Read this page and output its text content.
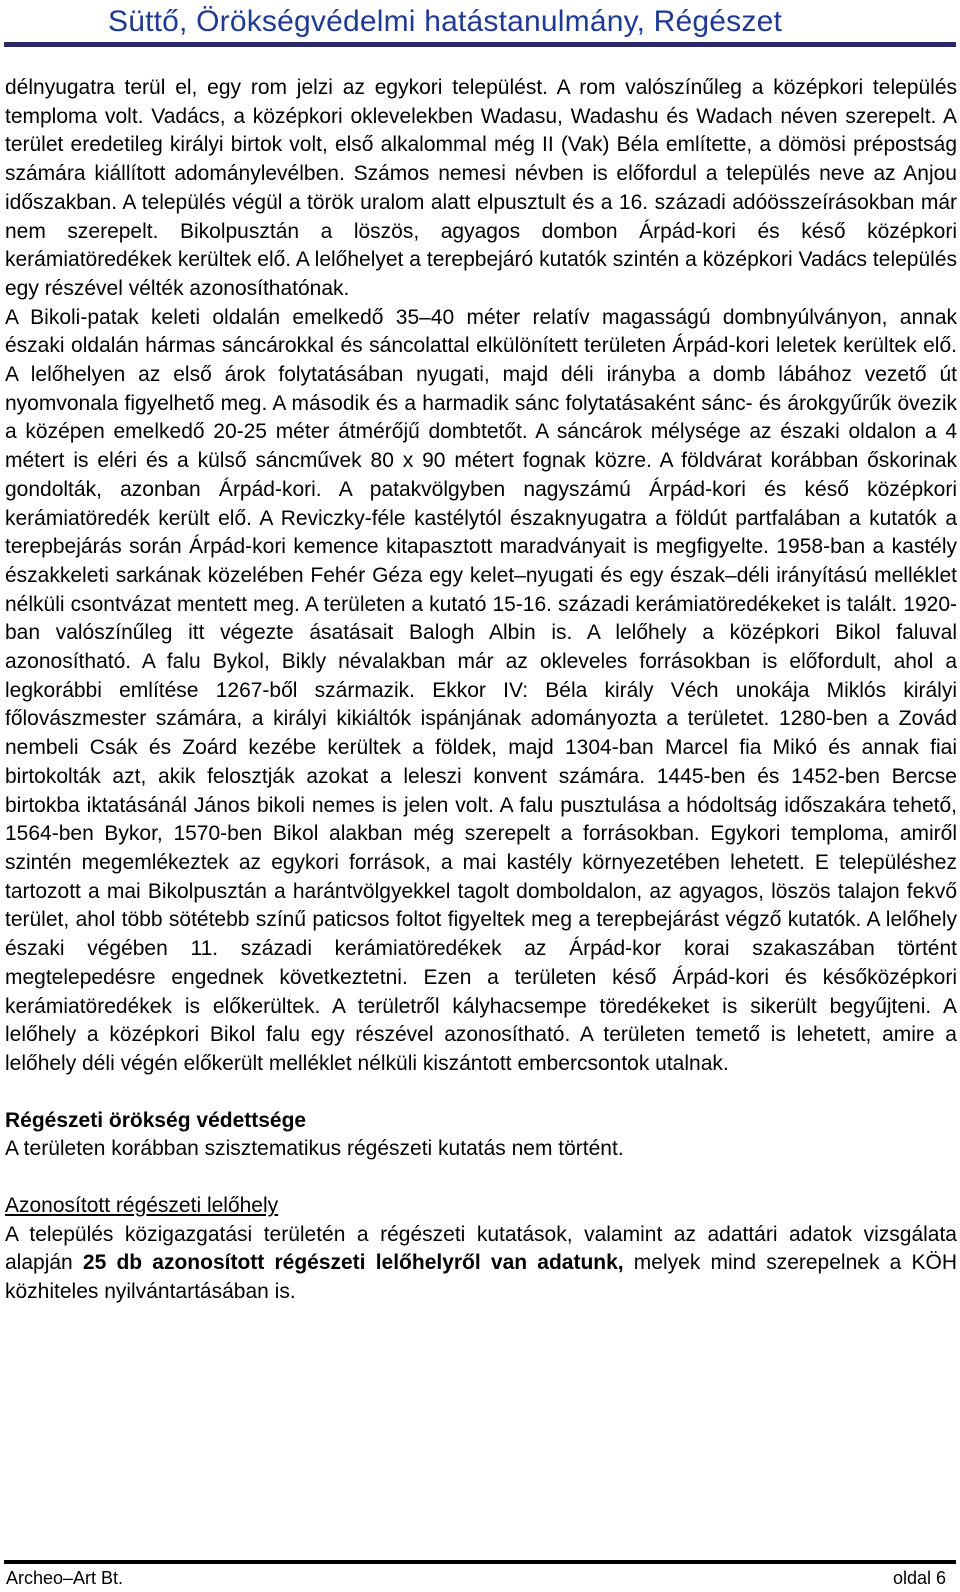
Süttő, Örökségvédelmi hatástanulmány, Régészet

délnyugatra terül el, egy rom jelzi az egykori települést. A rom valószínűleg a középkori település temploma volt. Vadács, a középkori oklevelekben Wadasu, Wadashu és Wadach néven szerepelt. A terület eredetileg királyi birtok volt, első alkalommal még II (Vak) Béla említette, a dömösi prépostság számára kiállított adománylevélben. Számos nemesi névben is előfordul a település neve az Anjou időszakban. A település végül a török uralom alatt elpusztult és a 16. századi adóösszeírásokban már nem szerepelt. Bikolpusztán a löszös, agyagos dombon Árpád-kori és késő középkori kerámiatöredékek kerültek elő. A lelőhelyet a terepbejáró kutatók szintén a középkori Vadács település egy részével vélték azonosíthatónak.

A Bikoli-patak keleti oldalán emelkedő 35–40 méter relatív magasságú dombnyúlványon, annak északi oldalán hármas sáncárokkal és sáncolattal elkülönített területen Árpád-kori leletek kerültek elő. A lelőhelyen az első árok folytatásában nyugati, majd déli irányba a domb lábához vezető út nyomvonala figyelhető meg. A második és a harmadik sánc folytatásaként sánc- és árokgyűrűk övezik a középen emelkedő 20-25 méter átmérőjű dombtetőt. A sáncárok mélysége az északi oldalon a 4 métert is eléri és a külső sáncművek 80 x 90 métert fognak közre. A földvárat korábban őskorinak gondolták, azonban Árpád-kori. A patakvölgyben nagyszámú Árpád-kori és késő középkori kerámiatöredék került elő. A Reviczky-féle kastélytól északnyugatra a földút partfalában a kutatók a terepbejárás során Árpád-kori kemence kitapasztott maradványait is megfigyelte. 1958-ban a kastély északkeleti sarkának közelében Fehér Géza egy kelet–nyugati és egy észak–déli irányítású melléklet nélküli csontvázat mentett meg. A területen a kutató 15-16. századi kerámiatöredékeket is talált. 1920-ban valószínűleg itt végezte ásatásait Balogh Albin is. A lelőhely a középkori Bikol faluval azonosítható. A falu Bykol, Bikly névalakban már az okleveles forrásokban is előfordult, ahol a legkorábbi említése 1267-ből származik. Ekkor IV: Béla király Véch unokája Miklós királyi főlovászmester számára, a királyi kikiáltók ispánjának adományozta a területet. 1280-ben a Zovád nembeli Csák és Zoárd kezébe kerültek a földek, majd 1304-ban Marcel fia Mikó és annak fiai birtokolták azt, akik felosztják azokat a leleszi konvent számára. 1445-ben és 1452-ben Bercse birtokba iktatásánál János bikoli nemes is jelen volt. A falu pusztulása a hódoltság időszakára tehető, 1564-ben Bykor, 1570-ben Bikol alakban még szerepelt a forrásokban. Egykori temploma, amiről szintén megemlékeztek az egykori források, a mai kastély környezetében lehetett. E településhez tartozott a mai Bikolpusztán a harántvölgyekkel tagolt domboldalon, az agyagos, löszös talajon fekvő terület, ahol több sötétebb színű paticsos foltot figyeltek meg a terepbejárást végző kutatók. A lelőhely északi végében 11. századi kerámiatöredékek az Árpád-kor korai szakaszában történt megtelepedésre engednek következtetni. Ezen a területen késő Árpád-kori és későközépkori kerámiatöredékek is előkerültek. A területről kályhacsempe töredékeket is sikerült begyűjteni. A lelőhely a középkori Bikol falu egy részével azonosítható. A területen temető is lehetett, amire a lelőhely déli végén előkerült melléklet nélküli kiszántott embercsontok utalnak.

Régészeti örökség védettsége

A területen korábban szisztematikus régészeti kutatás nem történt.

Azonosított régészeti lelőhely

A település közigazgatási területén a régészeti kutatások, valamint az adattári adatok vizsgálata alapján 25 db azonosított régészeti lelőhelyről van adatunk, melyek mind szerepelnek a KÖH közhiteles nyilvántartásában is.

Archeo–Art Bt.	oldal 6
